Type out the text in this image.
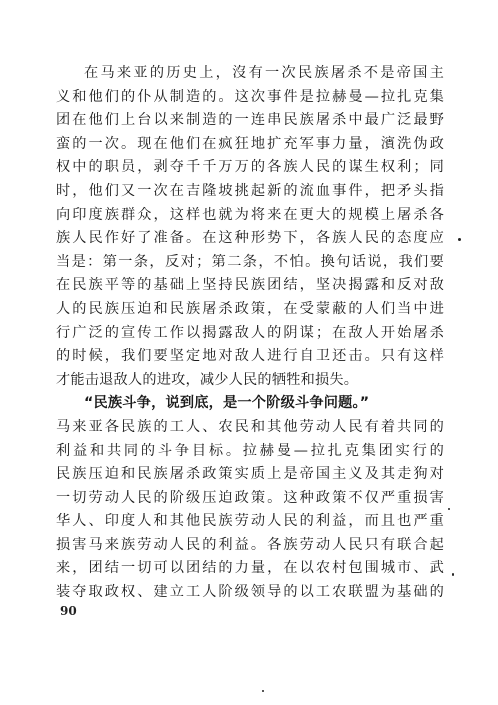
在马来亚的历史上，沒有一次民族屠杀不是帝国主
义和他们的仆从制造的。这次事件是拉赫曼—拉扎克集
团在他们上台以来制造的一连串民族屠杀中最广泛最野
蛮的一次。现在他们在疯狂地扩充军事力量，濱洗伪政
权中的职员，剥夺千千万万的各族人民的谋生权利；同
时，他们又一次在吉隆坡挑起新的流血事件，把矛头指
向印度族群众，这样也就为将来在更大的规模上屠杀各
族人民作好了准备。在这种形势下，各族人民的态度应
当是：第一条，反对；第二条，不怕。換句话说，我们要
在民族平等的基础上坚持民族团结，坚决揭露和反对敌
人的民族压迫和民族屠杀政策，在受蒙蔽的人们当中进
行广泛的宣传工作以揭露敌人的阴谋；在敌人开始屠杀
的时候，我们要坚定地对敌人进行自卫还击。只有这样
才能击退敌人的进攻，减少人民的牺牲和损失。
“民族斗争，说到底，是一个阶级斗争问题。”
马来亚各民族的工人、农民和其他劳动人民有着共同的
利益和共同的斗争目标。拉赫曼—拉扎克集团实行的
民族压迫和民族屠杀政策实质上是帝国主义及其走狗对
一切劳动人民的阶级压迫政策。这种政策不仅严重损害
华人、印度人和其他民族劳动人民的利益，而且也严重
损害马来族劳动人民的利益。各族劳动人民只有联合起
来，团结一切可以团结的力量，在以农村包围城市、武
装夺取政权、建立工人阶级领导的以工农联盟为基础的
90
